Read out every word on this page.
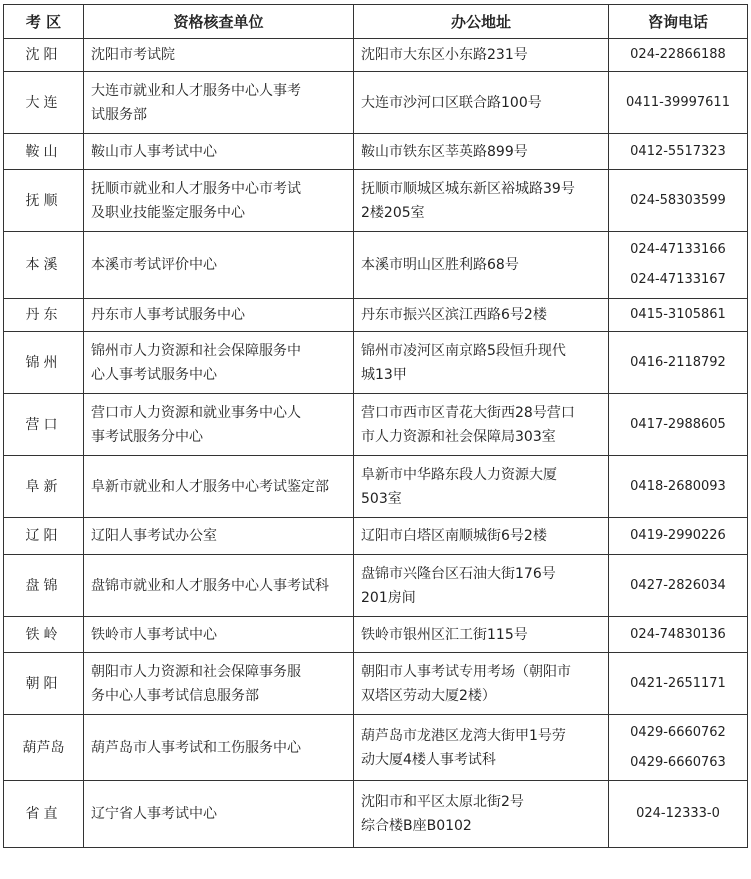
考 区	资格核查单位	办公地址	咨询电话
沈阳	沈阳市考试院	沈阳市大东区小东路231号	024-22866188

大连	大连市就业和人才服务中心人事考
试服务部	大连市沙河口区联合路100号	0411-39997611

鞍山	鞍山市人事考试中心	鞍山市铁东区莘英路899号	0412-5517323

抚顺	抚顺市就业和人才服务中心市考试
及职业技能鉴定服务中心	抚顺市顺城区城东新区裕城路39号
2楼205室	024-58303599

本溪	本溪市考试评价中心	本溪市明山区胜利路68号	024-47133166
024-47133167

丹东	丹东市人事考试服务中心	丹东市振兴区滨江西路6号2楼	0415-3105861

锦州	锦州市人力资源和社会保障服务中
心人事考试服务中心	锦州市凌河区南京路5段恒升现代
城13甲	0416-2118792

营口	营口市人力资源和就业事务中心人
事考试服务分中心	营口市西市区青花大街西28号营口
市人力资源和社会保障局303室	0417-2988605

阜新	阜新市就业和人才服务中心考试鉴定部	阜新市中华路东段人力资源大厦
503室	0418-2680093

辽阳	辽阳人事考试办公室	辽阳市白塔区南顺城街6号2楼	0419-2990226

盘锦	盘锦市就业和人才服务中心人事考试科	盘锦市兴隆台区石油大街176号
201房间	0427-2826034

铁岭	铁岭市人事考试中心	铁岭市银州区汇工街115号	024-74830136

朝阳	朝阳市人力资源和社会保障事务服
务中心人事考试信息服务部	朝阳市人事考试专用考场（朝阳市
双塔区劳动大厦2楼）	0421-2651171

葫芦岛	葫芦岛市人事考试和工伤服务中心	葫芦岛市龙港区龙湾大街甲1号劳
动大厦4楼人事考试科	0429-6660762
0429-6660763

省直	辽宁省人事考试中心	沈阳市和平区太原北街2号
综合楼B座B0102	024-12333-0
